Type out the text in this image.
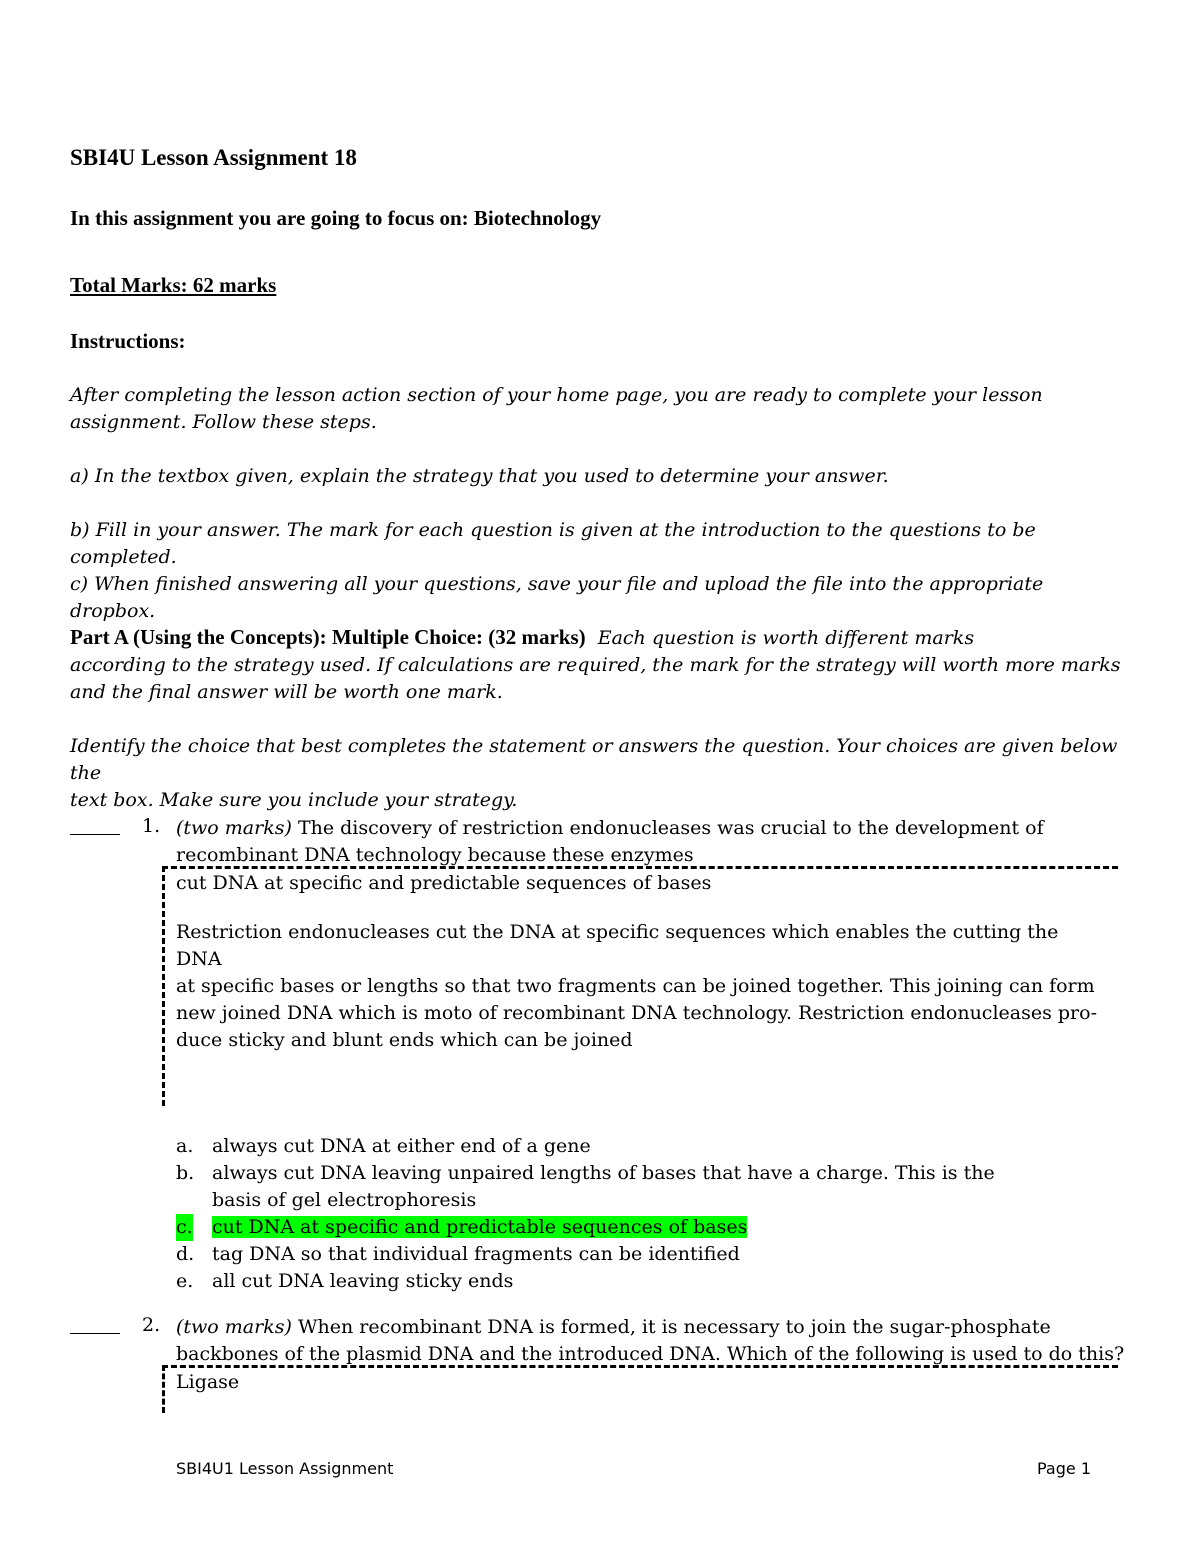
SBI4U Lesson Assignment 18
In this assignment you are going to focus on: Biotechnology
Total Marks: 62 marks
Instructions:
After completing the lesson action section of your home page, you are ready to complete your lesson
assignment. Follow these steps.
a) In the textbox given, explain the strategy that you used to determine your answer.
b) Fill in your answer. The mark for each question is given at the introduction to the questions to be completed.
c) When finished answering all your questions, save your file and upload the file into the appropriate dropbox.
Part A (Using the Concepts): Multiple Choice: (32 marks) Each question is worth different marks
according to the strategy used. If calculations are required, the mark for the strategy will worth more marks
and the final answer will be worth one mark.
Identify the choice that best completes the statement or answers the question. Your choices are given below the
text box. Make sure you include your strategy.
1. (two marks) The discovery of restriction endonucleases was crucial to the development of
recombinant DNA technology because these enzymes
cut DNA at specific and predictable sequences of bases
Restriction endonucleases cut the DNA at specific sequences which enables the cutting the DNA
at specific bases or lengths so that two fragments can be joined together. This joining can form
new joined DNA which is moto of recombinant DNA technology. Restriction endonucleases pro-
duce sticky and blunt ends which can be joined
a. always cut DNA at either end of a gene
b. always cut DNA leaving unpaired lengths of bases that have a charge. This is the
basis of gel electrophoresis
c. cut DNA at specific and predictable sequences of bases
d. tag DNA so that individual fragments can be identified
e. all cut DNA leaving sticky ends
2. (two marks) When recombinant DNA is formed, it is necessary to join the sugar-phosphate
backbones of the plasmid DNA and the introduced DNA. Which of the following is used to do this?
Ligase
SBI4U1 Lesson Assignment	Page 1
